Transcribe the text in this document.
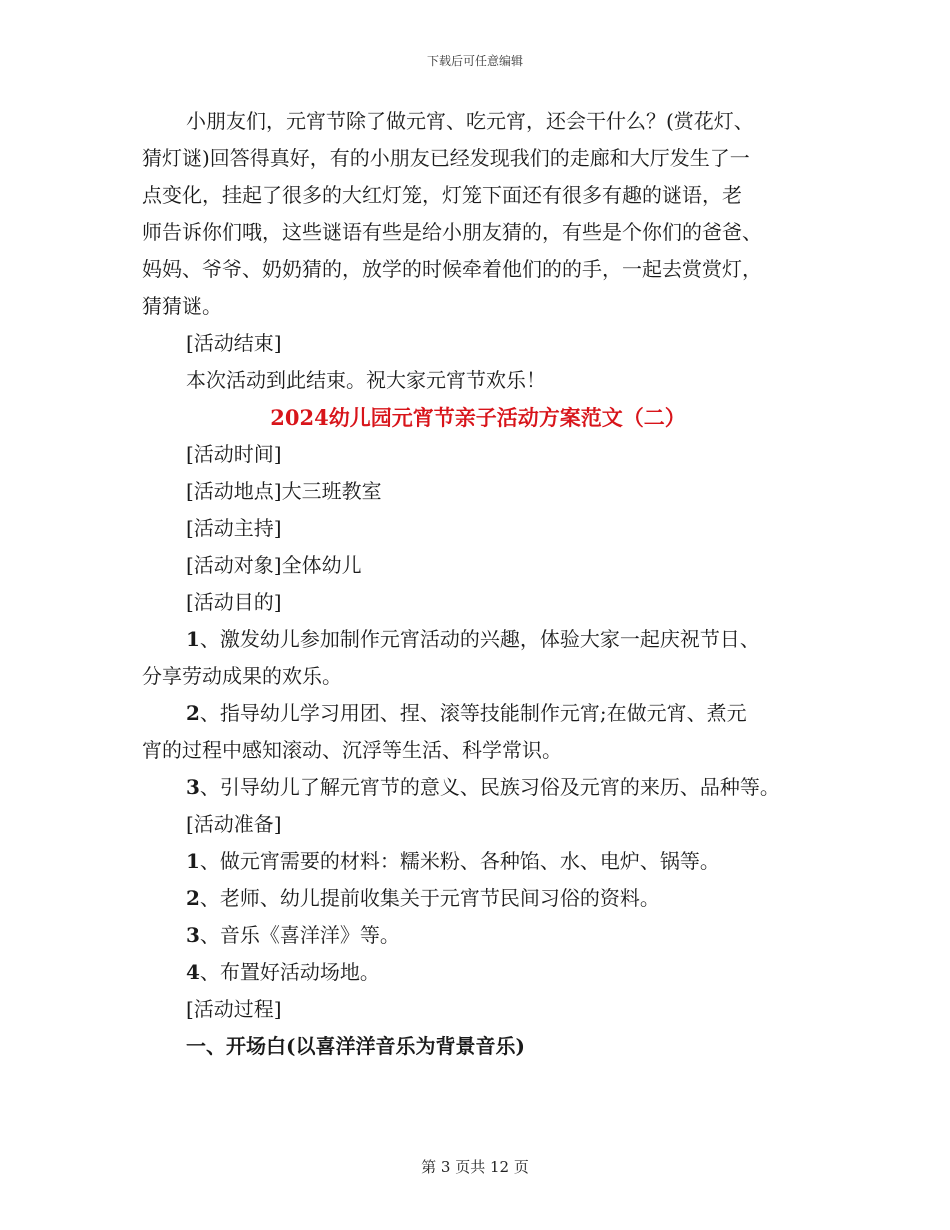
下载后可任意编辑
小朋友们，元宵节除了做元宵、吃元宵，还会干什么？(赏花灯、
猜灯谜)回答得真好，有的小朋友已经发现我们的走廊和大厅发生了一
点变化，挂起了很多的大红灯笼，灯笼下面还有很多有趣的谜语，老
师告诉你们哦，这些谜语有些是给小朋友猜的，有些是个你们的爸爸、
妈妈、爷爷、奶奶猜的，放学的时候牵着他们的的手，一起去赏赏灯，
猜猜谜。
[活动结束]
本次活动到此结束。祝大家元宵节欢乐！
2024幼儿园元宵节亲子活动方案范文（二）
[活动时间]
[活动地点]大三班教室
[活动主持]
[活动对象]全体幼儿
[活动目的]
1、激发幼儿参加制作元宵活动的兴趣，体验大家一起庆祝节日、
分享劳动成果的欢乐。
2、指导幼儿学习用团、捏、滚等技能制作元宵;在做元宵、煮元
宵的过程中感知滚动、沉浮等生活、科学常识。
3、引导幼儿了解元宵节的意义、民族习俗及元宵的来历、品种等。
[活动准备]
1、做元宵需要的材料：糯米粉、各种馅、水、电炉、锅等。
2、老师、幼儿提前收集关于元宵节民间习俗的资料。
3、音乐《喜洋洋》等。
4、布置好活动场地。
[活动过程]
一、开场白(以喜洋洋音乐为背景音乐)
第 3 页共 12 页
